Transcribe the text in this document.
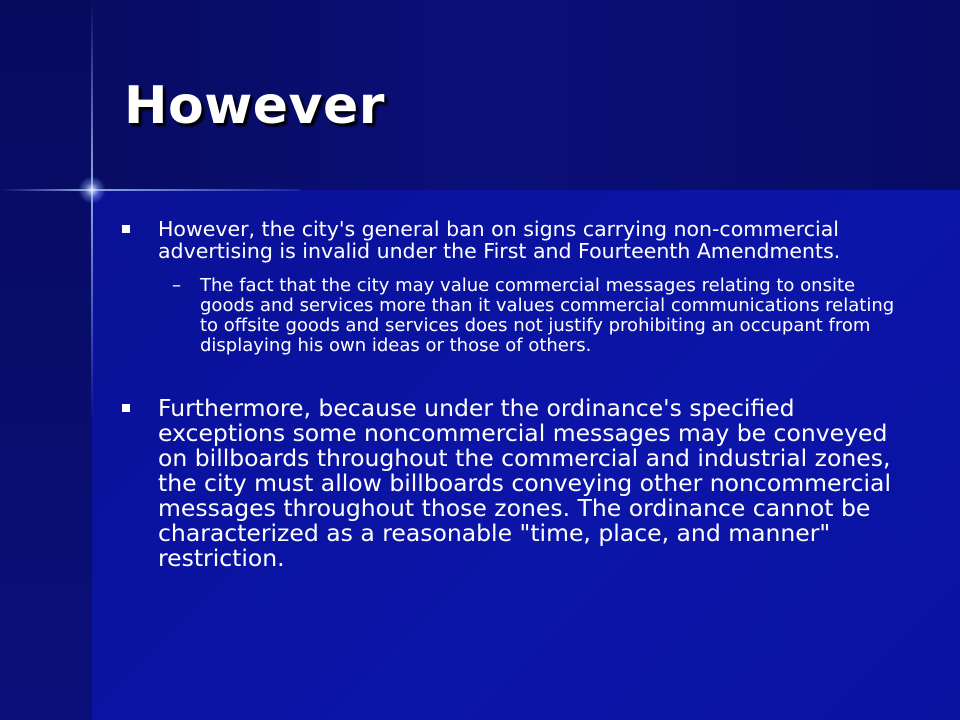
However
However, the city's general ban on signs carrying non-commercial advertising is invalid under the First and Fourteenth Amendments.
– The fact that the city may value commercial messages relating to onsite goods and services more than it values commercial communications relating to offsite goods and services does not justify prohibiting an occupant from displaying his own ideas or those of others.
Furthermore, because under the ordinance's specified exceptions some noncommercial messages may be conveyed on billboards throughout the commercial and industrial zones, the city must allow billboards conveying other noncommercial messages throughout those zones. The ordinance cannot be characterized as a reasonable "time, place, and manner" restriction.
